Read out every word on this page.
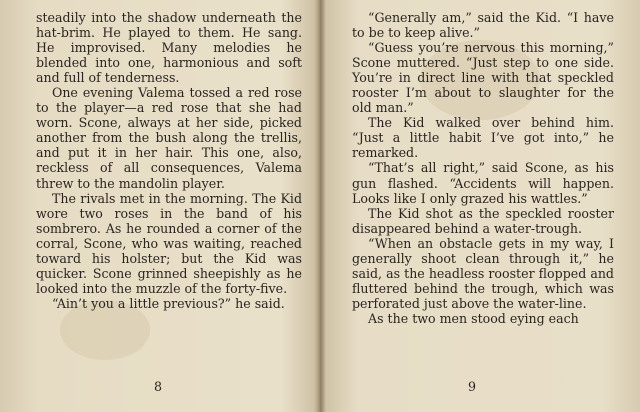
steadily into the shadow underneath the hat-brim. He played to them. He sang. He improvised. Many melodies he blended into one, harmonious and soft and full of tenderness.

One evening Valema tossed a red rose to the player—a red rose that she had worn. Scone, always at her side, picked another from the bush along the trellis, and put it in her hair. This one, also, reckless of all consequences, Valema threw to the mandolin player.

The rivals met in the morning. The Kid wore two roses in the band of his sombrero. As he rounded a corner of the corral, Scone, who was waiting, reached toward his holster; but the Kid was quicker. Scone grinned sheepishly as he looked into the muzzle of the forty-five.

“Ain’t you a little previous?” he said.

“Generally am,” said the Kid. “I have to be to keep alive.”

“Guess you’re nervous this morning,” Scone muttered. “Just step to one side. You’re in direct line with that speckled rooster I’m about to slaughter for the old man.”

The Kid walked over behind him. “Just a little habit I’ve got into,” he remarked.

“That’s all right,” said Scone, as his gun flashed. “Accidents will happen. Looks like I only grazed his wattles.”

The Kid shot as the speckled rooster disappeared behind a water-trough.

“When an obstacle gets in my way, I generally shoot clean through it,” he said, as the headless rooster flopped and fluttered behind the trough, which was perforated just above the water-line.

As the two men stood eying each

8	9
